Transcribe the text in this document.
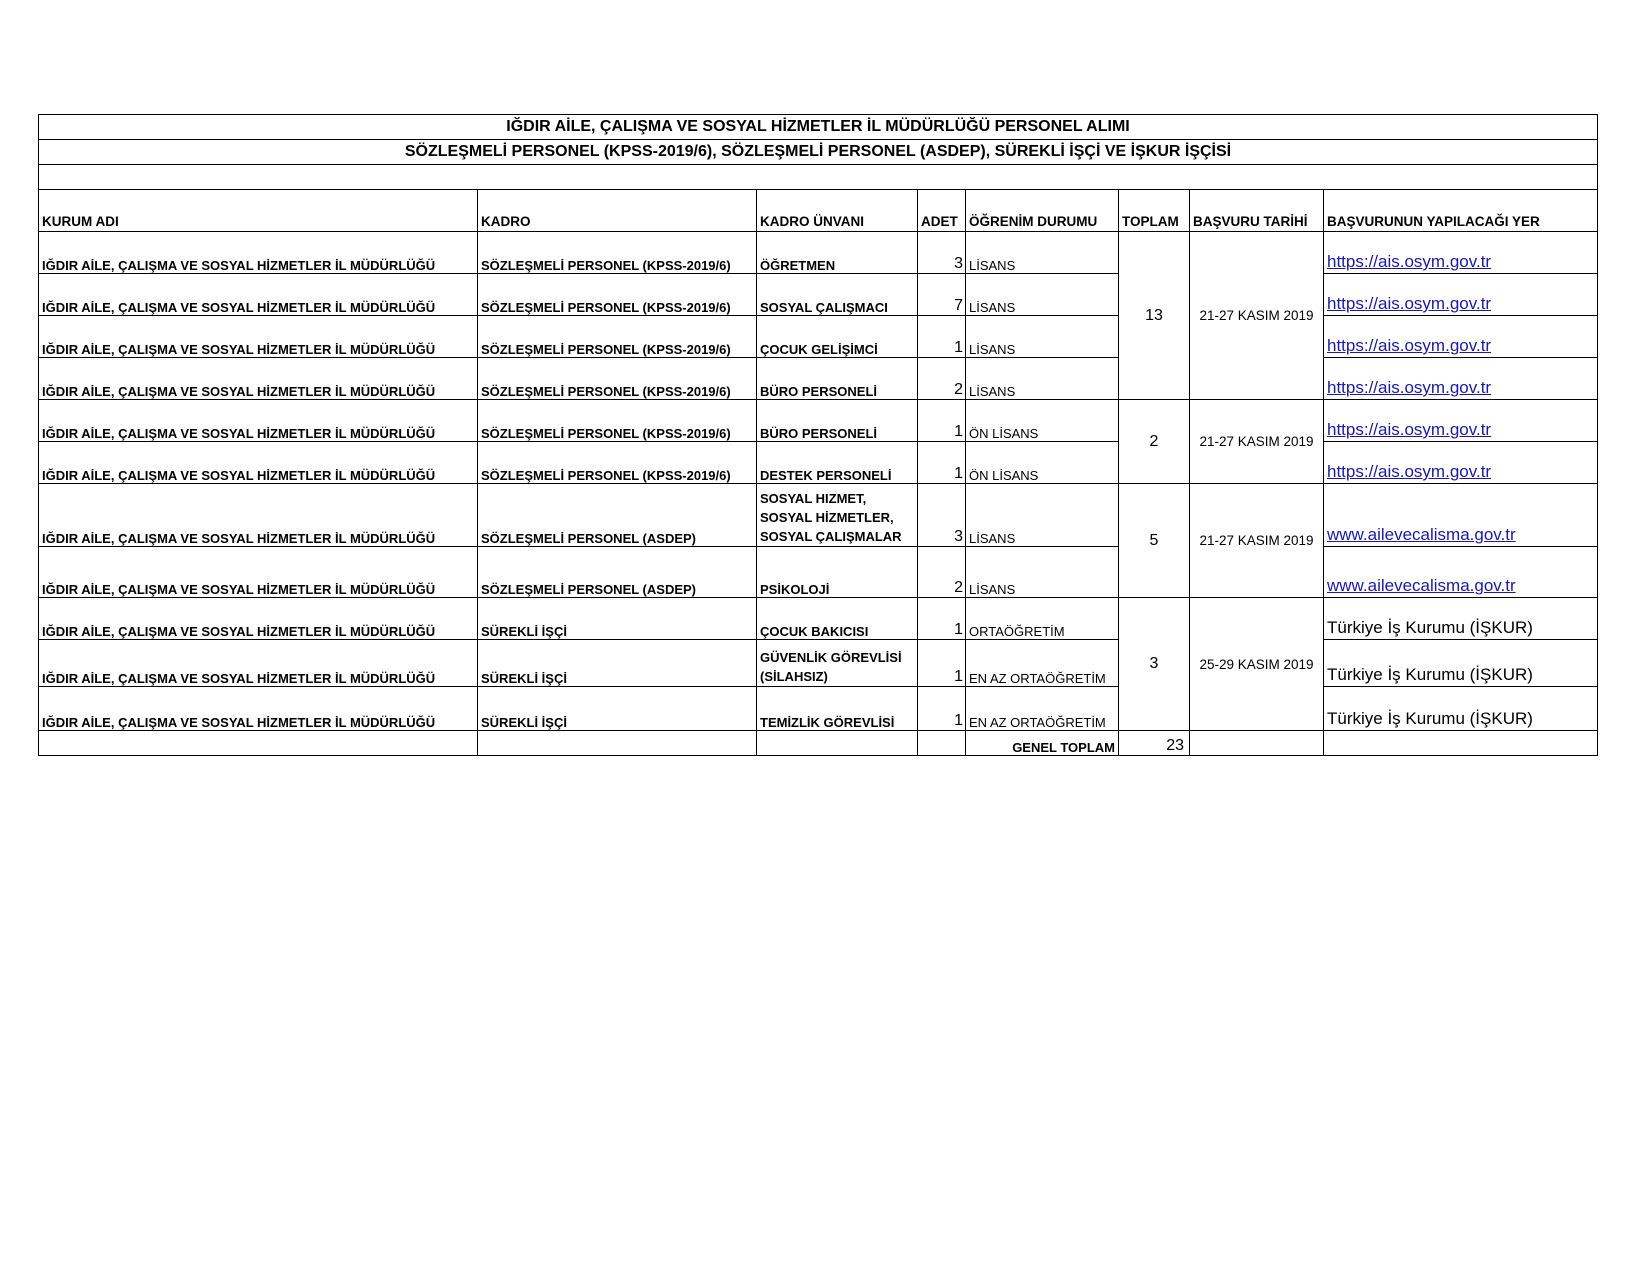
IĞDIR AİLE, ÇALIŞMA VE SOSYAL HİZMETLER İL MÜDÜRLÜĞÜ PERSONEL ALIMI							
SÖZLEŞMELİ PERSONEL (KPSS-2019/6), SÖZLEŞMELİ PERSONEL (ASDEP), SÜREKLİ İŞÇİ VE İŞKUR İŞÇİSİ							

KURUM ADI	KADRO	KADRO ÜNVANI	ADET	ÖĞRENİM DURUMU	TOPLAM	BAŞVURU TARİHİ	BAŞVURUNUN YAPILACAĞI YER
IĞDIR AİLE, ÇALIŞMA VE SOSYAL HİZMETLER İL MÜDÜRLÜĞÜ	SÖZLEŞMELİ PERSONEL (KPSS-2019/6)	ÖĞRETMEN	3	LİSANS	13	21-27 KASIM 2019	https://ais.osym.gov.tr
IĞDIR AİLE, ÇALIŞMA VE SOSYAL HİZMETLER İL MÜDÜRLÜĞÜ	SÖZLEŞMELİ PERSONEL (KPSS-2019/6)	SOSYAL ÇALIŞMACI	7	LİSANS			https://ais.osym.gov.tr
IĞDIR AİLE, ÇALIŞMA VE SOSYAL HİZMETLER İL MÜDÜRLÜĞÜ	SÖZLEŞMELİ PERSONEL (KPSS-2019/6)	ÇOCUK GELİŞİMCİ	1	LİSANS			https://ais.osym.gov.tr
IĞDIR AİLE, ÇALIŞMA VE SOSYAL HİZMETLER İL MÜDÜRLÜĞÜ	SÖZLEŞMELİ PERSONEL (KPSS-2019/6)	BÜRO PERSONELİ	2	LİSANS			https://ais.osym.gov.tr
IĞDIR AİLE, ÇALIŞMA VE SOSYAL HİZMETLER İL MÜDÜRLÜĞÜ	SÖZLEŞMELİ PERSONEL (KPSS-2019/6)	BÜRO PERSONELİ	1	ÖN LİSANS	2	21-27 KASIM 2019	https://ais.osym.gov.tr
IĞDIR AİLE, ÇALIŞMA VE SOSYAL HİZMETLER İL MÜDÜRLÜĞÜ	SÖZLEŞMELİ PERSONEL (KPSS-2019/6)	DESTEK PERSONELİ	1	ÖN LİSANS			https://ais.osym.gov.tr
IĞDIR AİLE, ÇALIŞMA VE SOSYAL HİZMETLER İL MÜDÜRLÜĞÜ	SÖZLEŞMELİ PERSONEL (ASDEP)	SOSYAL HIZMET, SOSYAL HİZMETLER, SOSYAL ÇALIŞMALAR	3	LİSANS	5	21-27 KASIM 2019	www.ailevecalisma.gov.tr
IĞDIR AİLE, ÇALIŞMA VE SOSYAL HİZMETLER İL MÜDÜRLÜĞÜ	SÖZLEŞMELİ PERSONEL (ASDEP)	PSİKOLOJİ	2	LİSANS			www.ailevecalisma.gov.tr
IĞDIR AİLE, ÇALIŞMA VE SOSYAL HİZMETLER İL MÜDÜRLÜĞÜ	SÜREKLİ İŞÇİ	ÇOCUK BAKICISI	1	ORTAÖĞRETİM	3	25-29 KASIM 2019	Türkiye İş Kurumu (İŞKUR)
IĞDIR AİLE, ÇALIŞMA VE SOSYAL HİZMETLER İL MÜDÜRLÜĞÜ	SÜREKLİ İŞÇİ	GÜVENLİK GÖREVLİSİ (SİLAHSIZ)	1	EN AZ ORTAÖĞRETİM			Türkiye İş Kurumu (İŞKUR)
IĞDIR AİLE, ÇALIŞMA VE SOSYAL HİZMETLER İL MÜDÜRLÜĞÜ	SÜREKLİ İŞÇİ	TEMİZLİK GÖREVLİSİ	1	EN AZ ORTAÖĞRETİM			Türkiye İş Kurumu (İŞKUR)
				GENEL TOPLAM	23		
